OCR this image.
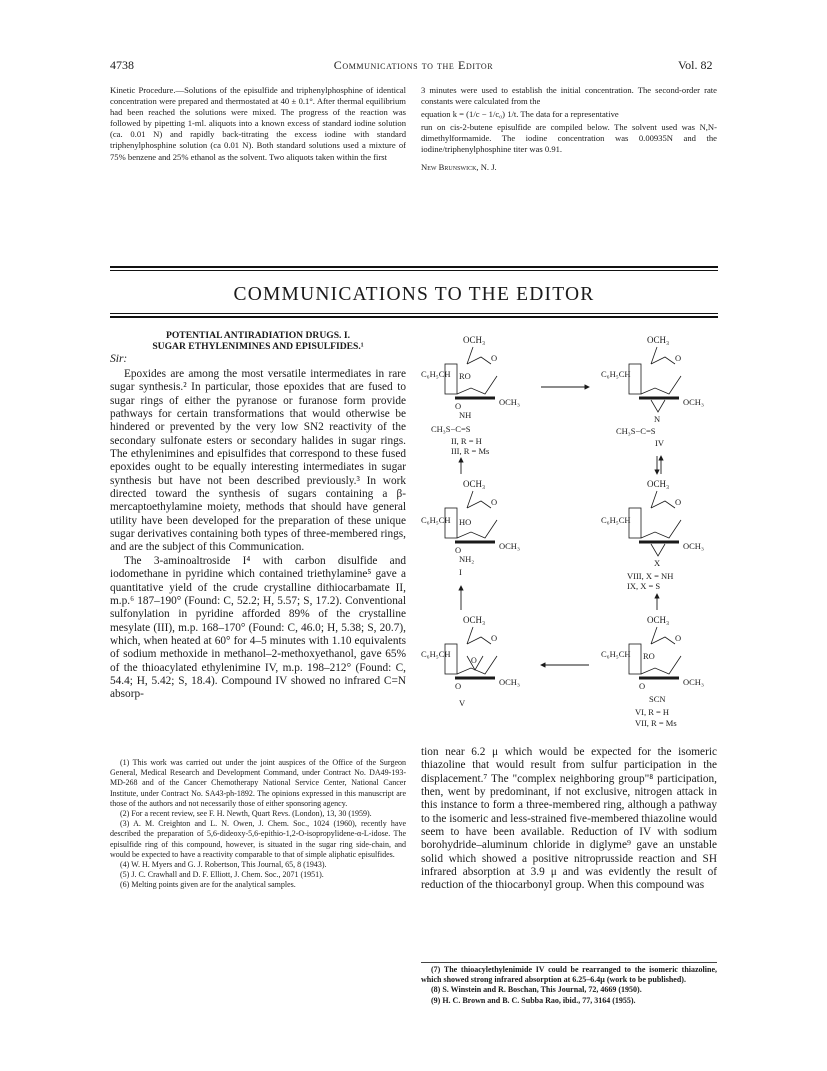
4738	Communications to the Editor	Vol. 82

Kinetic Procedure.—Solutions of the episulfide and triphenylphosphine of identical concentration were prepared and thermostated at 40 ± 0.1°. After thermal equilibrium had been reached the solutions were mixed. The progress of the reaction was followed by pipetting 1-ml. aliquots into a known excess of standard iodine solution (ca. 0.01 N) and rapidly back-titrating the excess iodine with standard triphenylphosphine solution (ca 0.01 N). Both standard solutions used a mixture of 75% benzene and 25% ethanol as the solvent. Two aliquots taken within the first

3 minutes were used to establish the initial concentration. The second-order rate constants were calculated from the

equation k = (1/c − 1/c₀) 1/t. The data for a representative

run on cis-2-butene episulfide are compiled below. The solvent used was N,N-dimethylformamide. The iodine concentration was 0.00935N and the iodine/triphenylphosphine titer was 0.91.

New Brunswick, N. J.

COMMUNICATIONS TO THE EDITOR
POTENTIAL ANTIRADIATION DRUGS. I.
SUGAR ETHYLENIMINES AND EPISULFIDES.¹
Sir:

Epoxides are among the most versatile intermediates in rare sugar synthesis.² In particular, those epoxides that are fused to sugar rings of either the pyranose or furanose form provide pathways for certain transformations that would otherwise be hindered or prevented by the very low SN2 reactivity of the secondary sulfonate esters or secondary halides in sugar rings. The ethylenimines and episulfides that correspond to these fused epoxides ought to be equally interesting intermediates in sugar synthesis but have not been described previously.³ In work directed toward the synthesis of sugars containing a β-mercaptoethylamine moiety, methods that should have general utility have been developed for the preparation of these unique sugar derivatives containing both types of three-membered rings, and are the subject of this Communication.

The 3-aminoaltroside I⁴ with carbon disulfide and iodomethane in pyridine which contained triethylamine⁵ gave a quantitative yield of the crude crystalline dithiocarbamate II, m.p.⁶ 187–190° (Found: C, 52.2; H, 5.57; S, 17.2). Conventional sulfonylation in pyridine afforded 89% of the crystalline mesylate (III), m.p. 168–170° (Found: C, 46.0; H, 5.38; S, 20.7), which, when heated at 60° for 4–5 minutes with 1.10 equivalents of sodium methoxide in methanol–2-methoxyethanol, gave 65% of the thioacylated ethylenimine IV, m.p. 198–212° (Found: C, 54.4; H, 5.42; S, 18.4). Compound IV showed no infrared C=N absorp-

(1) This work was carried out under the joint auspices of the Office of the Surgeon General, Medical Research and Development Command, under Contract No. DA49-193-MD-268 and of the Cancer Chemotherapy National Service Center, National Cancer Institute, under Contract No. SA43-ph-1892. The opinions expressed in this manuscript are those of the authors and not necessarily those of either sponsoring agency.

(2) For a recent review, see F. H. Newth, Quart Revs. (London), 13, 30 (1959).

(3) A. M. Creighton and L. N. Owen, J. Chem. Soc., 1024 (1960), recently have described the preparation of 5,6-dideoxy-5,6-epithio-1,2-O-isopropylidene-α-L-idose. The episulfide ring of this compound, however, is situated in the sugar ring side-chain, and would be expected to have a reactivity comparable to that of simple aliphatic episulfides.

(4) W. H. Myers and G. J. Robertson, This Journal, 65, 8 (1943).

(5) J. C. Crawhall and D. F. Elliott, J. Chem. Soc., 2071 (1951).

(6) Melting points given are for the analytical samples.

tion near 6.2 μ which would be expected for the isomeric thiazoline that would result from sulfur participation in the displacement.⁷ The "complex neighboring group"⁸ participation, then, went by predominant, if not exclusive, nitrogen attack in this instance to form a three-membered ring, although a pathway to the isomeric and less-strained five-membered thiazoline would seem to have been available. Reduction of IV with sodium borohydride–aluminum chloride in diglyme⁹ gave an unstable solid which showed a positive nitroprusside reaction and SH infrared absorption at 3.9 μ and was evidently the result of reduction of the thiocarbonyl group. When this compound was

(7) The thioacylethylenimide IV could be rearranged to the isomeric thiazoline, which showed strong infrared absorption at 6.25–6.4μ (work to be published).

(8) S. Winstein and R. Boschan, This Journal, 72, 4669 (1950).

(9) H. C. Brown and B. C. Subba Rao, ibid., 77, 3164 (1955).

OCH₃
O
C₆H₅CH RO
O	OCH₃
NH
CH₃S−C=S
II, R = H
III, R = Ms
OCH₃
O
C₆H₅CH
OCH₃
N
CH₃S−C=S
IV
OCH₃
O
C₆H₅CH HO
O	OCH₃
NH₂
I
OCH₃
O
C₆H₅CH
OCH₃
X
VIII, X = NH
IX, X = S
OCH₃
O
C₆H₅CH
O
O	OCH₃
V
OCH₃
O
C₆H₅CH RO
O	OCH₃
SCN
VI, R = H
VII, R = Ms
